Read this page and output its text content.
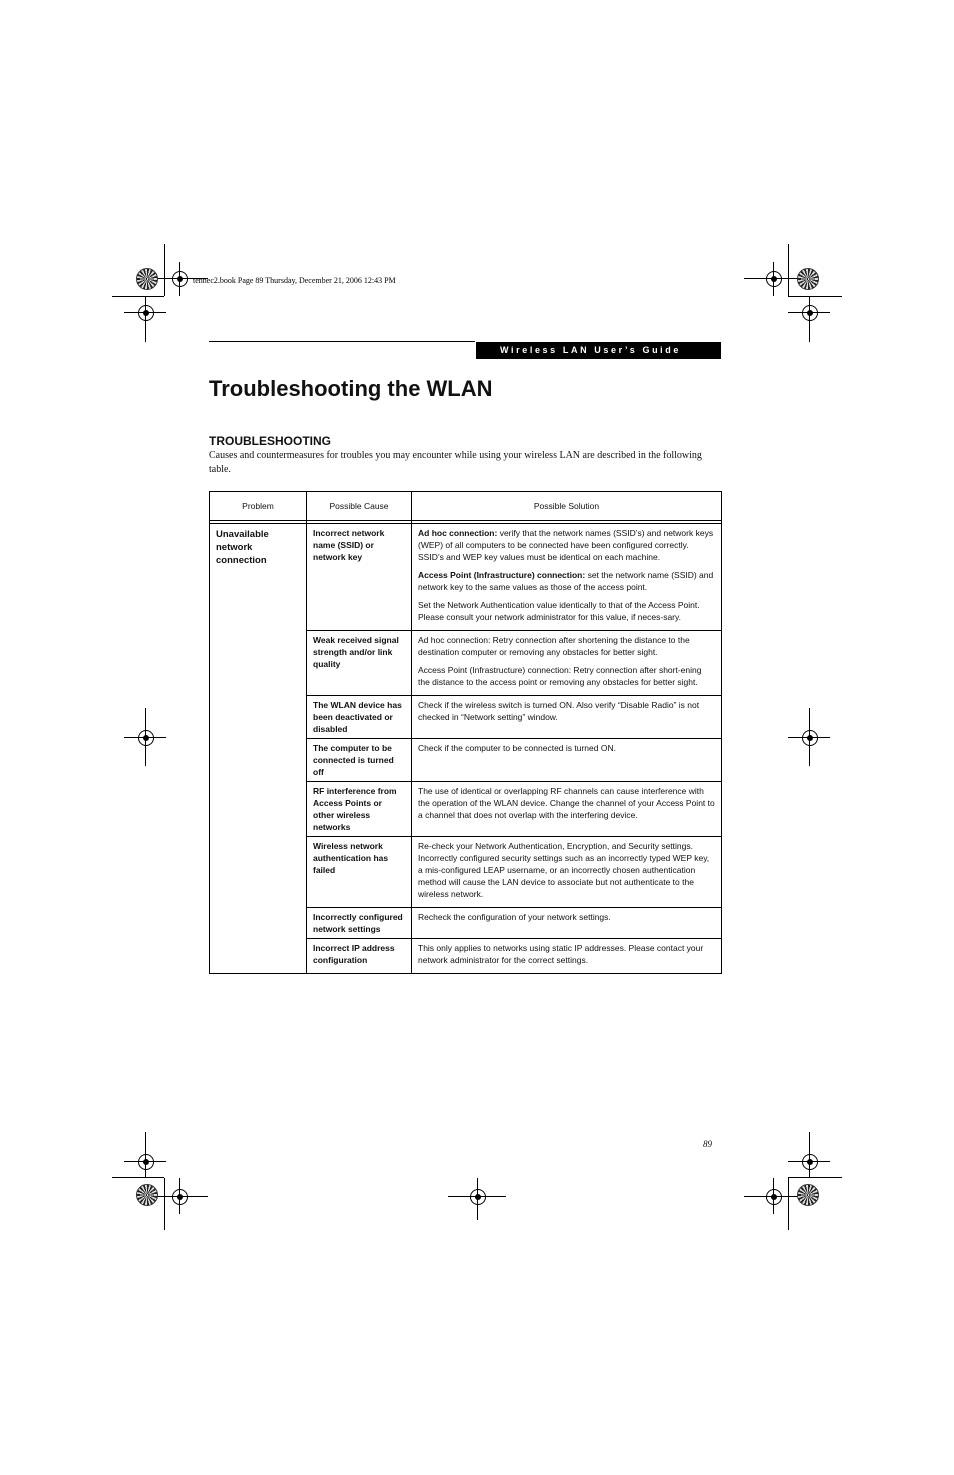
tennec2.book Page 89 Thursday, December 21, 2006 12:43 PM
Wireless LAN User’s Guide
Troubleshooting the WLAN
TROUBLESHOOTING
Causes and countermeasures for troubles you may encounter while using your wireless LAN are described in the following table.
Problem	Possible Cause	Possible Solution

Unavailable network connection	Incorrect network name (SSID) or network key	Ad hoc connection: verify that the network names (SSID’s) and network keys (WEP) of all computers to be connected have been configured correctly. SSID’s and WEP key values must be identical on each machine.

Access Point (Infrastructure) connection: set the network name (SSID) and network key to the same values as those of the access point.

Set the Network Authentication value identically to that of the Access Point. Please consult your network administrator for this value, if neces-sary.

	Weak received signal strength and/or link quality	Ad hoc connection: Retry connection after shortening the distance to the destination computer or removing any obstacles for better sight.

Access Point (Infrastructure) connection: Retry connection after short-ening the distance to the access point or removing any obstacles for better sight.

	The WLAN device has been deactivated or disabled	Check if the wireless switch is turned ON. Also verify “Disable Radio” is not checked in “Network setting” window.

	The computer to be connected is turned off	Check if the computer to be connected is turned ON.

	RF interference from Access Points or other wireless networks	The use of identical or overlapping RF channels can cause interference with the operation of the WLAN device. Change the channel of your Access Point to a channel that does not overlap with the interfering device.

	Wireless network authentication has failed	Re-check your Network Authentication, Encryption, and Security settings. Incorrectly configured security settings such as an incorrectly typed WEP key, a mis-configured LEAP username, or an incorrectly chosen authentication method will cause the LAN device to associate but not authenticate to the wireless network.

	Incorrectly configured network settings	Recheck the configuration of your network settings.

	Incorrect IP address configuration	This only applies to networks using static IP addresses. Please contact your network administrator for the correct settings.

89
